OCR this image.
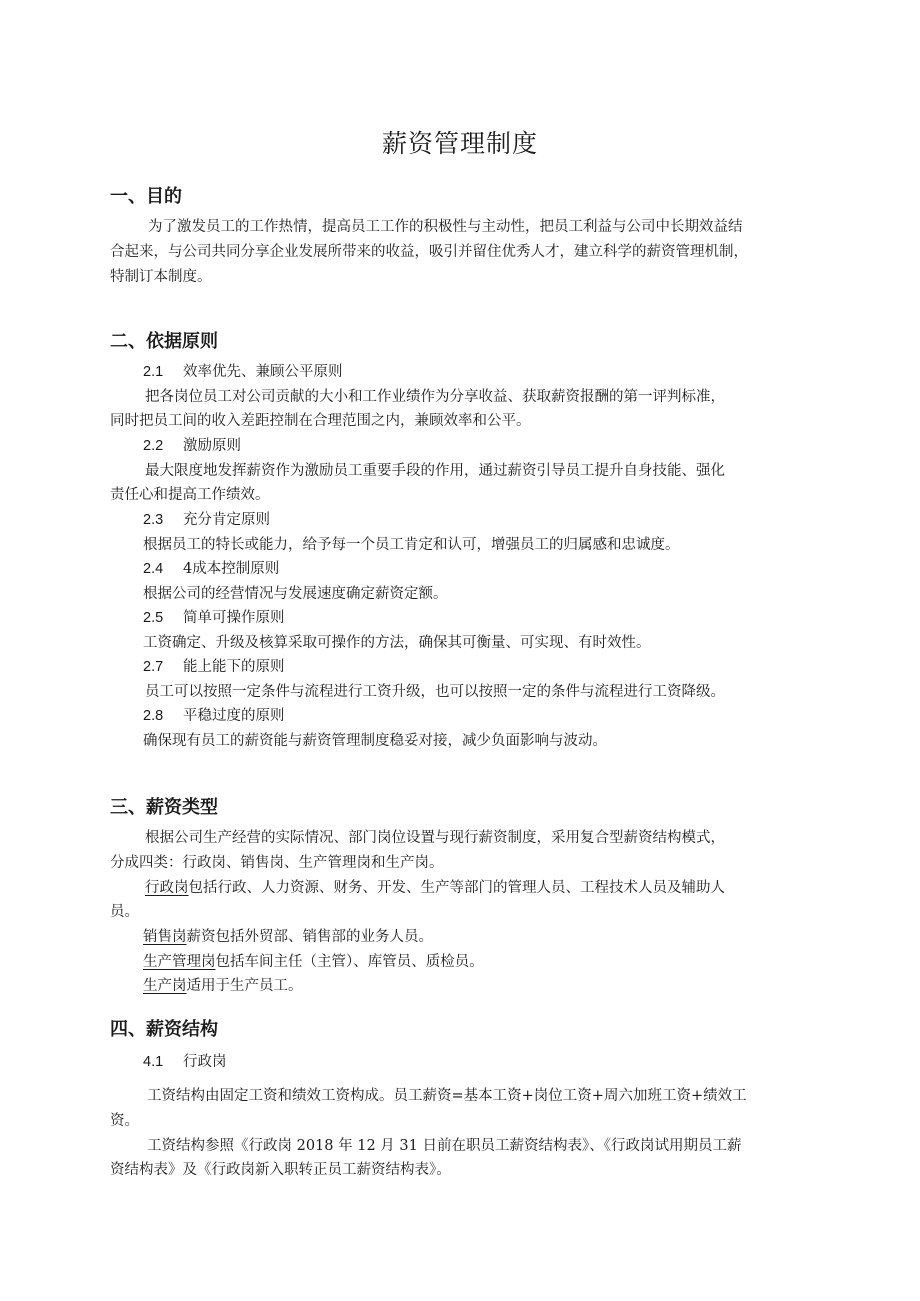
薪资管理制度
一、目的
为了激发员工的工作热情，提高员工工作的积极性与主动性，把员工利益与公司中长期效益结
合起来，与公司共同分享企业发展所带来的收益，吸引并留住优秀人才，建立科学的薪资管理机制，
特制订本制度。
二、依据原则
2.1 效率优先、兼顾公平原则
把各岗位员工对公司贡献的大小和工作业绩作为分享收益、获取薪资报酬的第一评判标准，
同时把员工间的收入差距控制在合理范围之内，兼顾效率和公平。
2.2 激励原则
最大限度地发挥薪资作为激励员工重要手段的作用，通过薪资引导员工提升自身技能、强化
责任心和提高工作绩效。
2.3 充分肯定原则
根据员工的特长或能力，给予每一个员工肯定和认可，增强员工的归属感和忠诚度。
2.4 4成本控制原则
根据公司的经营情况与发展速度确定薪资定额。
2.5 简单可操作原则
工资确定、升级及核算采取可操作的方法，确保其可衡量、可实现、有时效性。
2.7 能上能下的原则
员工可以按照一定条件与流程进行工资升级，也可以按照一定的条件与流程进行工资降级。
2.8 平稳过度的原则
确保现有员工的薪资能与薪资管理制度稳妥对接，减少负面影响与波动。
三、薪资类型
根据公司生产经营的实际情况、部门岗位设置与现行薪资制度，采用复合型薪资结构模式，
分成四类：行政岗、销售岗、生产管理岗和生产岗。
行政岗包括行政、人力资源、财务、开发、生产等部门的管理人员、工程技术人员及辅助人
员。
销售岗薪资包括外贸部、销售部的业务人员。
生产管理岗包括车间主任（主管）、库管员、质检员。
生产岗适用于生产员工。
四、薪资结构
4.1 行政岗
工资结构由固定工资和绩效工资构成。员工薪资=基本工资+岗位工资+周六加班工资+绩效工
资。
工资结构参照《行政岗 2018 年 12 月 31 日前在职员工薪资结构表》、《行政岗试用期员工薪
资结构表》及《行政岗新入职转正员工薪资结构表》。
